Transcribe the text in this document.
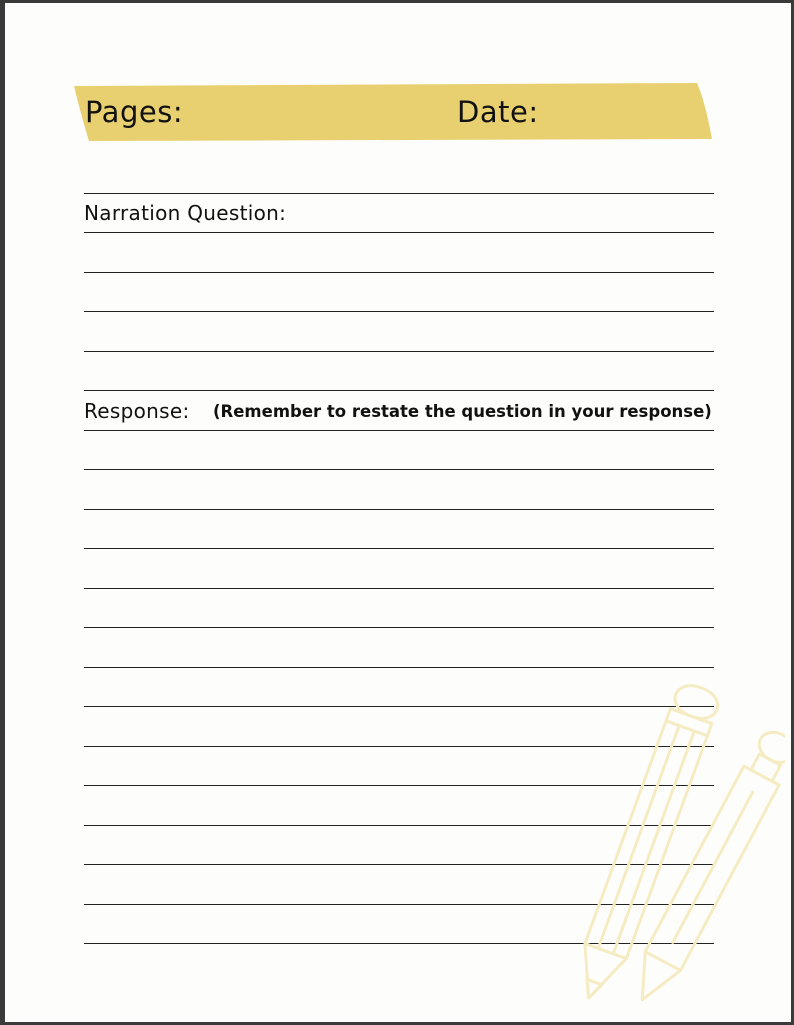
Pages:	Date:
Narration Question:
Response: (Remember to restate the question in your response)
